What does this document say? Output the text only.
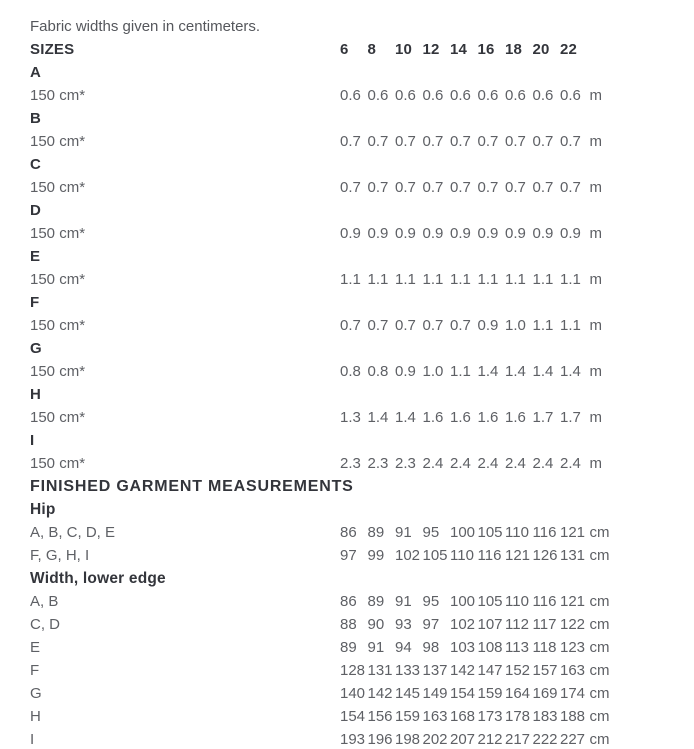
Fabric widths given in centimeters.
SIZES	6	8	10 12 14 16 18 20 22
A
150 cm*	0.6 0.6 0.6 0.6 0.6 0.6 0.6 0.6 0.6 m
B
150 cm*	0.7 0.7 0.7 0.7 0.7 0.7 0.7 0.7 0.7 m
C
150 cm*	0.7 0.7 0.7 0.7 0.7 0.7 0.7 0.7 0.7 m
D
150 cm*	0.9 0.9 0.9 0.9 0.9 0.9 0.9 0.9 0.9 m
E
150 cm*	1.1 1.1 1.1 1.1 1.1 1.1 1.1 1.1 1.1 m
F
150 cm*	0.7 0.7 0.7 0.7 0.7 0.9 1.0 1.1 1.1 m
G
150 cm*	0.8 0.8 0.9 1.0 1.1 1.4 1.4 1.4 1.4 m
H
150 cm*	1.3 1.4 1.4 1.6 1.6 1.6 1.6 1.7 1.7 m
I
150 cm*	2.3 2.3 2.3 2.4 2.4 2.4 2.4 2.4 2.4 m
FINISHED GARMENT MEASUREMENTS
Hip
A, B, C, D, E	86 89 91 95 100 105 110 116 121 cm
F, G, H, I	97 99 102 105 110 116 121 126 131 cm
Width, lower edge
A, B	86 89 91 95 100 105 110 116 121 cm
C, D	88 90 93 97 102 107 112 117 122 cm
E	89 91 94 98 103 108 113 118 123 cm
F	128 131 133 137 142 147 152 157 163 cm
G	140 142 145 149 154 159 164 169 174 cm
H	154 156 159 163 168 173 178 183 188 cm
I	193 196 198 202 207 212 217 222 227 cm
